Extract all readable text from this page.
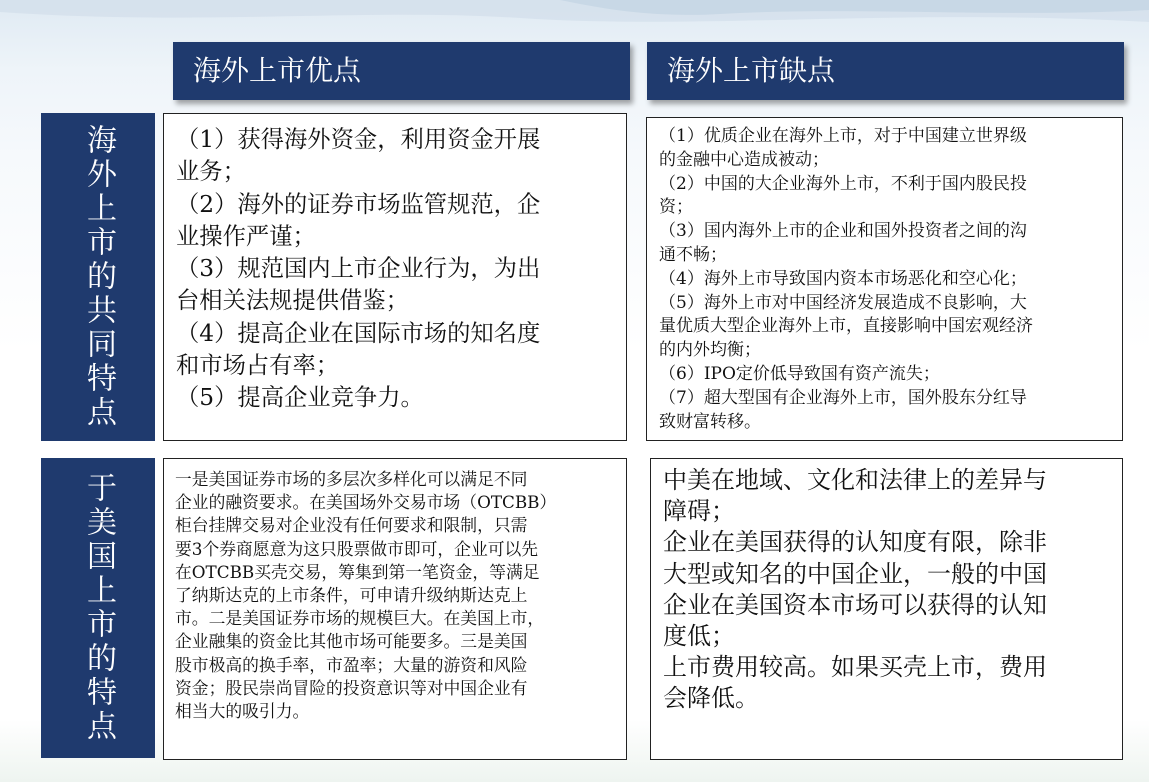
海外上市优点	海外上市缺点
海外上市的共同特点
于美国上市的特点
（1）获得海外资金，利用资金开展
业务；
（2）海外的证券市场监管规范，企
业操作严谨；
（3）规范国内上市企业行为，为出
台相关法规提供借鉴；
（4）提高企业在国际市场的知名度
和市场占有率；
（5）提高企业竞争力。
（1）优质企业在海外上市，对于中国建立世界级
的金融中心造成被动；
（2）中国的大企业海外上市，不利于国内股民投
资；
（3）国内海外上市的企业和国外投资者之间的沟
通不畅；
（4）海外上市导致国内资本市场恶化和空心化；
（5）海外上市对中国经济发展造成不良影响，大
量优质大型企业海外上市，直接影响中国宏观经济
的内外均衡；
（6）IPO定价低导致国有资产流失；
（7）超大型国有企业海外上市，国外股东分红导
致财富转移。
一是美国证券市场的多层次多样化可以满足不同
企业的融资要求。在美国场外交易市场（OTCBB）
柜台挂牌交易对企业没有任何要求和限制，只需
要3个券商愿意为这只股票做市即可，企业可以先
在OTCBB买壳交易，筹集到第一笔资金，等满足
了纳斯达克的上市条件，可申请升级纳斯达克上
市。二是美国证券市场的规模巨大。在美国上市，
企业融集的资金比其他市场可能要多。三是美国
股市极高的换手率，市盈率；大量的游资和风险
资金；股民崇尚冒险的投资意识等对中国企业有
相当大的吸引力。
中美在地域、文化和法律上的差异与
障碍；
企业在美国获得的认知度有限，除非
大型或知名的中国企业，一般的中国
企业在美国资本市场可以获得的认知
度低；
上市费用较高。如果买壳上市，费用
会降低。
